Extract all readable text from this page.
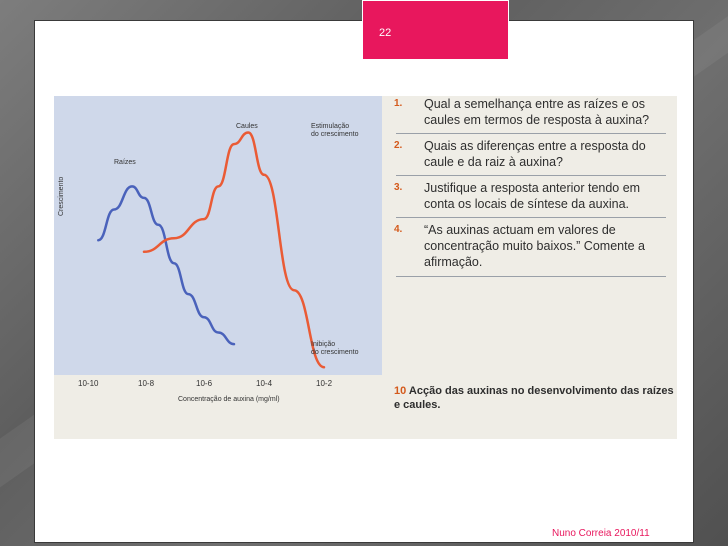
22
Crescimento
Caules
Raízes
Estimulação
do crescimento
Inibição
do crescimento
10-10	10-8	10-6	10-4	10-2
Concentração de auxina (mg/ml)
1.	Qual a semelhança entre as raízes e os caules em termos de resposta à auxina?
2.	Quais as diferenças entre a resposta do caule e da raiz à auxina?
3.	Justifique a resposta anterior tendo em conta os locais de síntese da auxina.
4.	“As auxinas actuam em valores de concentração muito baixos.” Comente a afirmação.
10 Acção das auxinas no desenvolvimento das raízes e caules.
Nuno Correia 2010/11
